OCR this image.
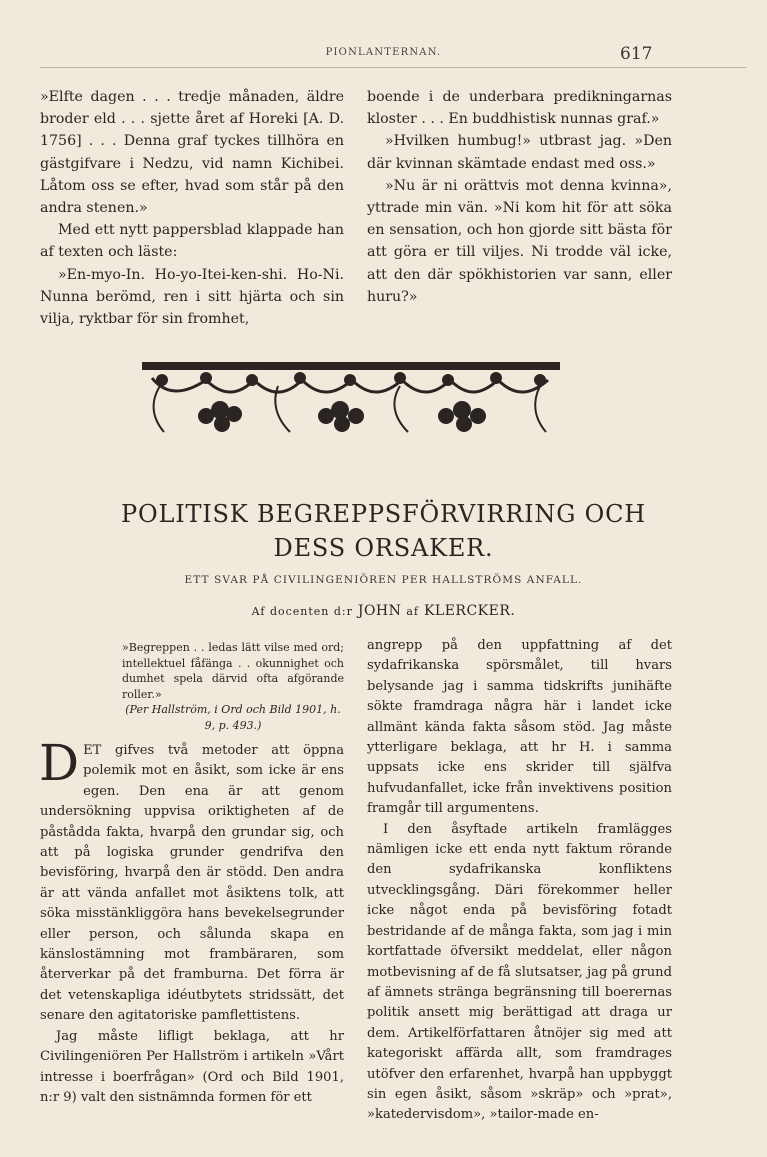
PIONLANTERNAN.	617

»Elfte dagen . . . tredje månaden, äldre broder eld . . . sjette året af Horeki [A. D. 1756] . . . Denna graf tyckes tillhöra en gästgifvare i Nedzu, vid namn Kichibei. Låtom oss se efter, hvad som står på den andra stenen.»

Med ett nytt pappersblad klappade han af texten och läste:

»En-myo-In. Ho-yo-Itei-ken-shi. Ho-Ni. Nunna berömd, ren i sitt hjärta och sin vilja, ryktbar för sin fromhet,

boende i de underbara predikningarnas kloster . . . En buddhistisk nunnas graf.»

»Hvilken humbug!» utbrast jag. »Den där kvinnan skämtade endast med oss.»

»Nu är ni orättvis mot denna kvinna», yttrade min vän. »Ni kom hit för att söka en sensation, och hon gjorde sitt bästa för att göra er till viljes. Ni trodde väl icke, att den där spökhistorien var sann, eller huru?»

POLITISK BEGREPPSFÖRVIRRING OCH
DESS ORSAKER.
ETT SVAR PÅ CIVILINGENIÖREN PER HALLSTRÖMS ANFALL.
Af docenten d:r JOHN af KLERCKER.

»Begreppen . . ledas lätt vilse med ord; intellektuel fåfänga . . okunnighet och dumhet spela därvid ofta afgörande roller.»

(Per Hallström, i Ord och Bild 1901, h. 9, p. 493.)

DET gifves två metoder att öppna polemik mot en åsikt, som icke är ens egen. Den ena är att genom undersökning uppvisa oriktigheten af de påstådda fakta, hvarpå den grundar sig, och att på logiska grunder gendrifva den bevisföring, hvarpå den är stödd. Den andra är att vända anfallet mot åsiktens tolk, att söka misstänkliggöra hans bevekelsegrunder eller person, och sålunda skapa en känslostämning mot frambäraren, som återverkar på det framburna. Det förra är det vetenskapliga idéutbytets stridssätt, det senare den agitatoriske pamflettistens.

Jag måste lifligt beklaga, att hr Civilingeniören Per Hallström i artikeln »Vårt intresse i boerfrågan» (Ord och Bild 1901, n:r 9) valt den sistnämnda formen för ett

angrepp på den uppfattning af det sydafrikanska spörsmålet, till hvars belysande jag i samma tidskrifts junihäfte sökte framdraga några här i landet icke allmänt kända fakta såsom stöd. Jag måste ytterligare beklaga, att hr H. i samma uppsats icke ens skrider till själfva hufvudanfallet, icke från invektivens position framgår till argumentens.

I den åsyftade artikeln framlägges nämligen icke ett enda nytt faktum rörande den sydafrikanska konfliktens utvecklingsgång. Däri förekommer heller icke något enda på bevisföring fotadt bestridande af de många fakta, som jag i min kortfattade öfversikt meddelat, eller någon motbevisning af de få slutsatser, jag på grund af ämnets stränga begränsning till boerernas politik ansett mig berättigad att draga ur dem. Artikelförfattaren åtnöjer sig med att kategoriskt affärda allt, som framdrages utöfver den erfarenhet, hvarpå han uppbyggt sin egen åsikt, såsom »skräp» och »prat», »katedervisdom», »tailor-made en-
